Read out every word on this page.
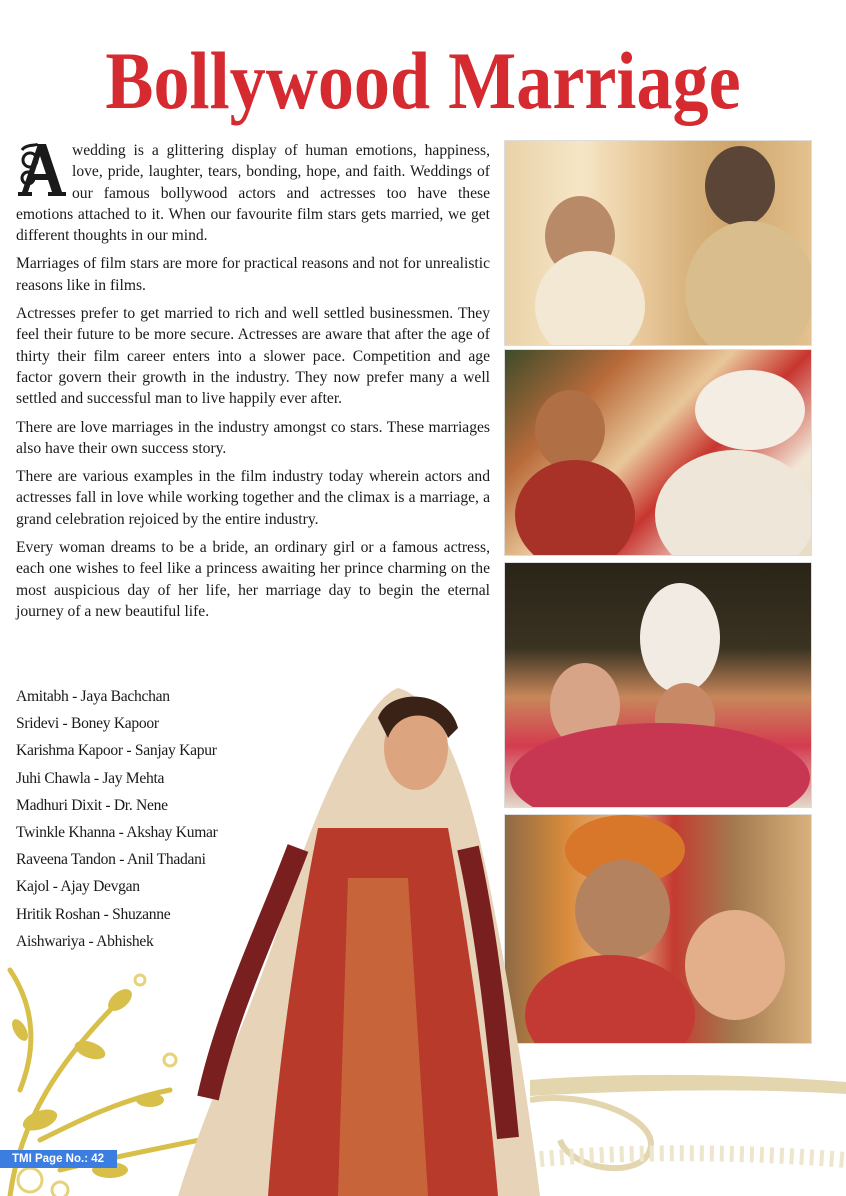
Bollywood Marriage

wedding is a glittering display of human emotions, happiness, love, pride, laughter, tears, bonding, hope, and faith. Weddings of our famous bollywood actors and actresses too have these emotions attached to it. When our favourite film stars gets married, we get different thoughts in our mind.

Marriages of film stars are more for practical reasons and not for unrealistic reasons like in films.

Actresses prefer to get married to rich and well settled businessmen. They feel their future to be more secure. Actresses are aware that after the age of thirty their film career enters into a slower pace. Competition and age factor govern their growth in the industry. They now prefer many a well settled and successful man to live happily ever after.

There are love marriages in the industry amongst co stars. These marriages also have their own success story.

There are various examples in the film industry today wherein actors and actresses fall in love while working together and the climax is a marriage, a grand celebration rejoiced by the entire industry.

Every woman dreams to be a bride, an ordinary girl or a famous actress, each one wishes to feel like a princess awaiting her prince charming on the most auspicious day of her life, her marriage day to begin the eternal journey of a new beautiful life.

Amitabh - Jaya Bachchan
Sridevi - Boney Kapoor
Karishma Kapoor - Sanjay Kapur
Juhi Chawla - Jay Mehta
Madhuri Dixit - Dr. Nene
Twinkle Khanna - Akshay Kumar
Raveena Tandon - Anil Thadani
Kajol - Ajay Devgan
Hritik Roshan - Shuzanne
Aishwariya - Abhishek
TMI Page No.: 42
